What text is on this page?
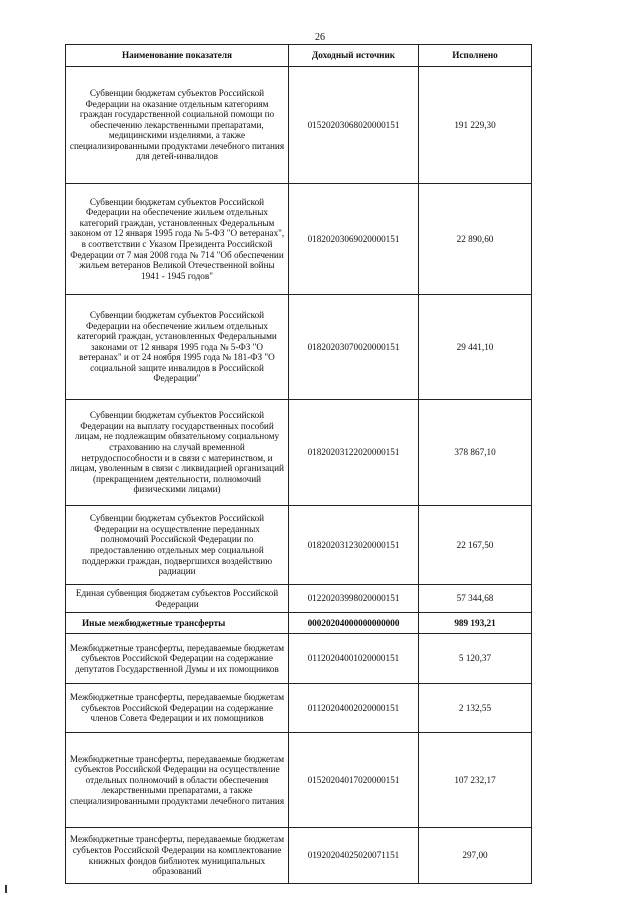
26
Наименование показателя	Доходный источник	Исполнено
Субвенции бюджетам субъектов Российской Федерации на оказание отдельным категориям граждан государственной социальной помощи по обеспечению лекарственными препаратами, медицинскими изделиями, а также специализированными продуктами лечебного питания для детей-инвалидов	01520203068020000151	191 229,30
Субвенции бюджетам субъектов Российской Федерации на обеспечение жильем отдельных категорий граждан, установленных Федеральным законом от 12 января 1995 года № 5-ФЗ "О ветеранах", в соответствии с Указом Президента Российской Федерации от 7 мая 2008 года № 714 "Об обеспечении жильем ветеранов Великой Отечественной войны 1941 - 1945 годов"	01820203069020000151	22 890,60
Субвенции бюджетам субъектов Российской Федерации на обеспечение жильем отдельных категорий граждан, установленных Федеральными законами от 12 января 1995 года № 5-ФЗ "О ветеранах" и от 24 ноября 1995 года № 181-ФЗ "О социальной защите инвалидов в Российской Федерации"	01820203070020000151	29 441,10
Субвенции бюджетам субъектов Российской Федерации на выплату государственных пособий лицам, не подлежащим обязательному социальному страхованию на случай временной нетрудоспособности и в связи с материнством, и лицам, уволенным в связи с ликвидацией организаций (прекращением деятельности, полномочий физическими лицами)	01820203122020000151	378 867,10
Субвенции бюджетам субъектов Российской Федерации на осуществление переданных полномочий Российской Федерации по предоставлению отдельных мер социальной поддержки граждан, подвергшихся воздействию радиации	01820203123020000151	22 167,50
Единая субвенция бюджетам субъектов Российской Федерации	01220203998020000151	57 344,68
Иные межбюджетные трансферты	00020204000000000000	989 193,21
Межбюджетные трансферты, передаваемые бюджетам субъектов Российской Федерации на содержание депутатов Государственной Думы и их помощников	01120204001020000151	5 120,37
Межбюджетные трансферты, передаваемые бюджетам субъектов Российской Федерации на содержание членов Совета Федерации и их помощников	01120204002020000151	2 132,55
Межбюджетные трансферты, передаваемые бюджетам субъектов Российской Федерации на осуществление отдельных полномочий в области обеспечения лекарственными препаратами, а также специализированными продуктами лечебного питания	01520204017020000151	107 232,17
Межбюджетные трансферты, передаваемые бюджетам субъектов Российской Федерации на комплектование книжных фондов библиотек муниципальных образований	01920204025020071151	297,00
